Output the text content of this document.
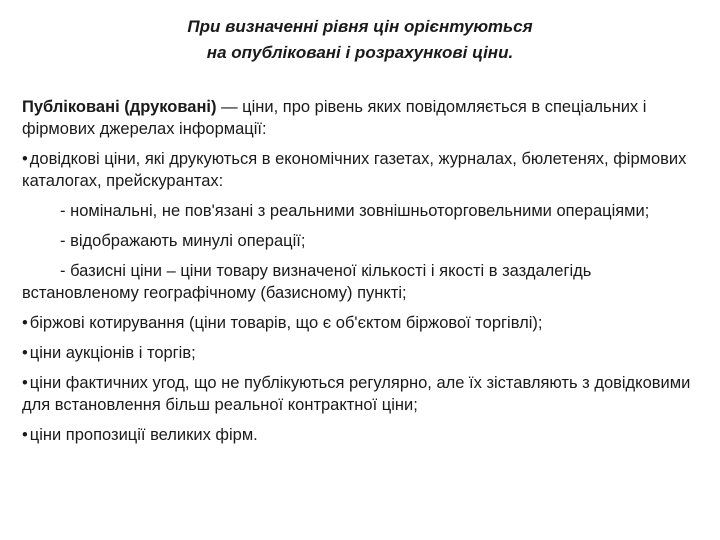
При визначенні рівня цін орієнтуються
на опубліковані і розрахункові ціни.

Публіковані (друковані) — ціни, про рівень яких повідомляється в спеціальних і фірмових джерелах інформації:

• довідкові ціни, які друкуються в економічних газетах, журналах, бюлетенях, фірмових каталогах, прейскурантах:

- номінальні, не пов'язані з реальними зовнішньоторговельними операціями;

- відображають минулі операції;

- базисні ціни – ціни товару визначеної кількості і якості в заздалегідь встановленому географічному (базисному) пункті;

• біржові котирування (ціни товарів, що є об'єктом біржової торгівлі);

• ціни аукціонів і торгів;

• ціни фактичних угод, що не публікуються регулярно, але їх зіставляють з довідковими для встановлення більш реальної контрактної ціни;

• ціни пропозиції великих фірм.
